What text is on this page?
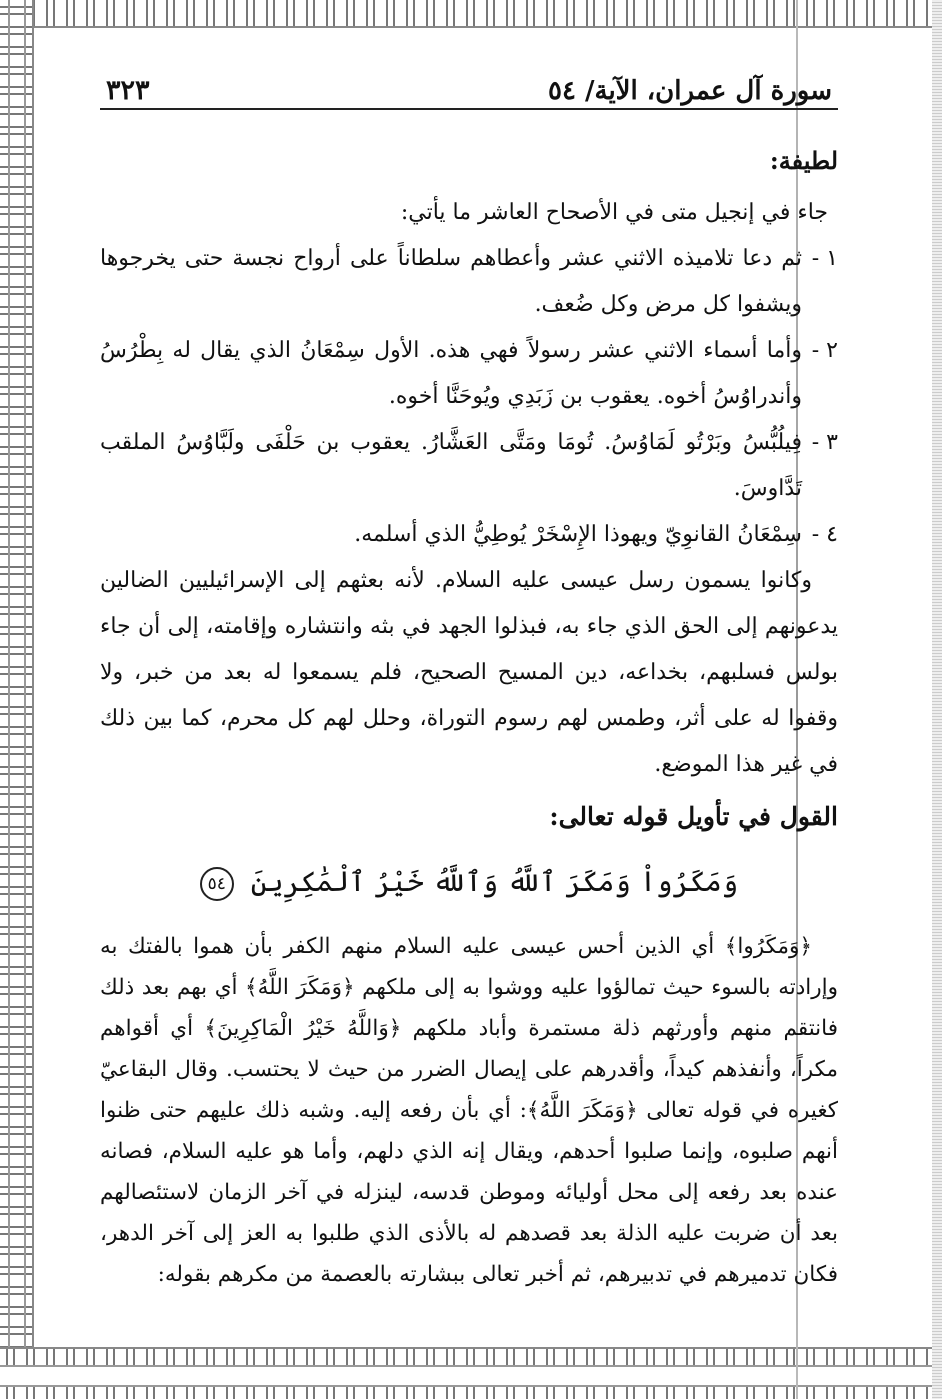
سورة آل عمران، الآية/ ٥٤
٣٢٣

لطيفة:

جاء في إنجيل متى في الأصحاح العاشر ما يأتي:

١ -

ثم دعا تلاميذه الاثني عشر وأعطاهم سلطاناً على أرواح نجسة حتى يخرجوها ويشفوا كل مرض وكل ضُعف.

٢ -

وأما أسماء الاثني عشر رسولاً فهي هذه. الأول سِمْعَانُ الذي يقال له بِطْرُسُ وأندراوُسُ أخوه. يعقوب بن زَبَدِي ويُوحَنَّا أخوه.

٣ -

فِيلُبُّسُ وبَرْتُو لَمَاوُسُ. تُومَا ومَتَّى العَشَّارُ. يعقوب بن حَلْفَى ولَبَّاوُسُ الملقب تَدَّاوسَ.

٤ -

سِمْعَانُ القانوِيّ ويهوذا الإِسْخَرْ يُوطِيُّ الذي أسلمه.

وكانوا يسمون رسل عيسى عليه السلام. لأنه بعثهم إلى الإسرائيليين الضالين يدعونهم إلى الحق الذي جاء به، فبذلوا الجهد في بثه وانتشاره وإقامته، إلى أن جاء بولس فسلبهم، بخداعه، دين المسيح الصحيح، فلم يسمعوا له بعد من خبر، ولا وقفوا له على أثر، وطمس لهم رسوم التوراة، وحلل لهم كل محرم، كما بين ذلك في غير هذا الموضع.

القول في تأويل قوله تعالى:

وَمَكَرُواْ وَمَكَرَ ٱللَّهُ وَٱللَّهُ خَيْرُ ٱلْمَٰكِرِينَ ٥٤

﴿وَمَكَرُوا﴾ أي الذين أحس عيسى عليه السلام منهم الكفر بأن هموا بالفتك به وإرادته بالسوء حيث تمالؤوا عليه ووشوا به إلى ملكهم ﴿وَمَكَرَ اللَّهُ﴾ أي بهم بعد ذلك فانتقم منهم وأورثهم ذلة مستمرة وأباد ملكهم ﴿وَاللَّهُ خَيْرُ الْمَاكِرِينَ﴾ أي أقواهم مكراً، وأنفذهم كيداً، وأقدرهم على إيصال الضرر من حيث لا يحتسب. وقال البقاعيّ كغيره في قوله تعالى ﴿وَمَكَرَ اللَّهُ﴾: أي بأن رفعه إليه. وشبه ذلك عليهم حتى ظنوا أنهم صلبوه، وإنما صلبوا أحدهم، ويقال إنه الذي دلهم، وأما هو عليه السلام، فصانه عنده بعد رفعه إلى محل أوليائه وموطن قدسه، لينزله في آخر الزمان لاستئصالهم بعد أن ضربت عليه الذلة بعد قصدهم له بالأذى الذي طلبوا به العز إلى آخر الدهر، فكان تدميرهم في تدبيرهم، ثم أخبر تعالى ببشارته بالعصمة من مكرهم بقوله:
